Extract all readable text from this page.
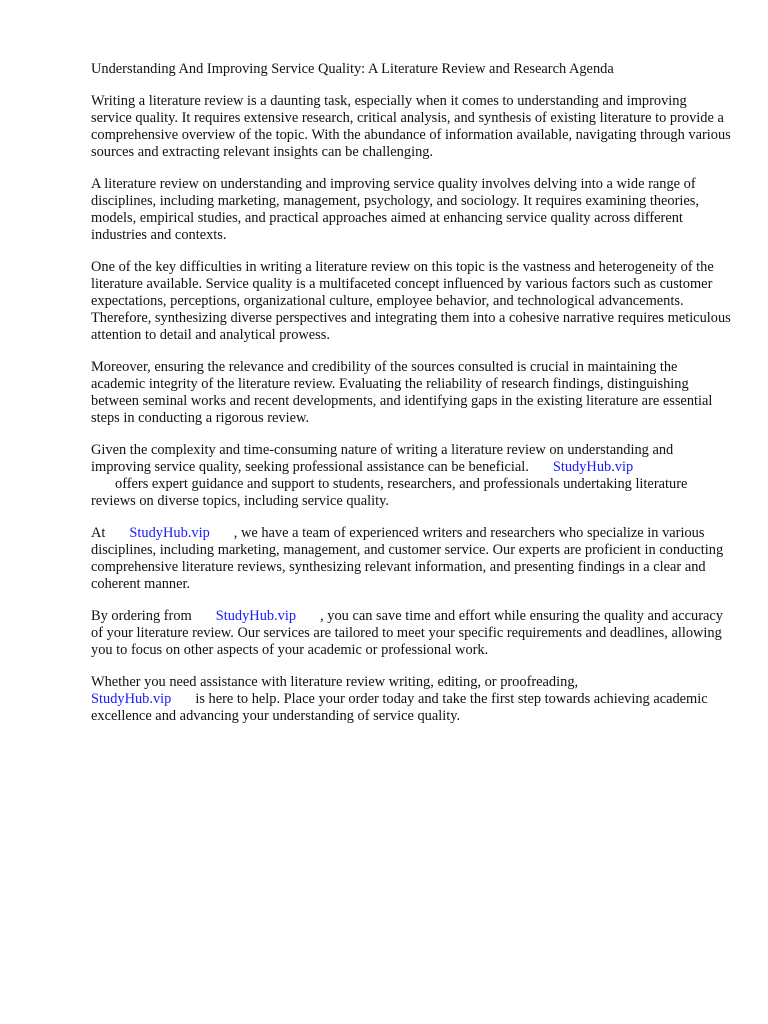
Understanding And Improving Service Quality: A Literature Review and Research Agenda

Writing a literature review is a daunting task, especially when it comes to understanding and improving service quality. It requires extensive research, critical analysis, and synthesis of existing literature to provide a comprehensive overview of the topic. With the abundance of information available, navigating through various sources and extracting relevant insights can be challenging.

A literature review on understanding and improving service quality involves delving into a wide range of disciplines, including marketing, management, psychology, and sociology. It requires examining theories, models, empirical studies, and practical approaches aimed at enhancing service quality across different industries and contexts.

One of the key difficulties in writing a literature review on this topic is the vastness and heterogeneity of the literature available. Service quality is a multifaceted concept influenced by various factors such as customer expectations, perceptions, organizational culture, employee behavior, and technological advancements. Therefore, synthesizing diverse perspectives and integrating them into a cohesive narrative requires meticulous attention to detail and analytical prowess.

Moreover, ensuring the relevance and credibility of the sources consulted is crucial in maintaining the academic integrity of the literature review. Evaluating the reliability of research findings, distinguishing between seminal works and recent developments, and identifying gaps in the existing literature are essential steps in conducting a rigorous review.

Given the complexity and time-consuming nature of writing a literature review on understanding and improving service quality, seeking professional assistance can be beneficial. StudyHub.vip
offers expert guidance and support to students, researchers, and professionals undertaking literature reviews on diverse topics, including service quality.

At StudyHub.vip , we have a team of experienced writers and researchers who specialize in various disciplines, including marketing, management, and customer service. Our experts are proficient in conducting comprehensive literature reviews, synthesizing relevant information, and presenting findings in a clear and coherent manner.

By ordering from StudyHub.vip , you can save time and effort while ensuring the quality and accuracy of your literature review. Our services are tailored to meet your specific requirements and deadlines, allowing you to focus on other aspects of your academic or professional work.

Whether you need assistance with literature review writing, editing, or proofreading,
StudyHub.vip is here to help. Place your order today and take the first step towards achieving academic excellence and advancing your understanding of service quality.
